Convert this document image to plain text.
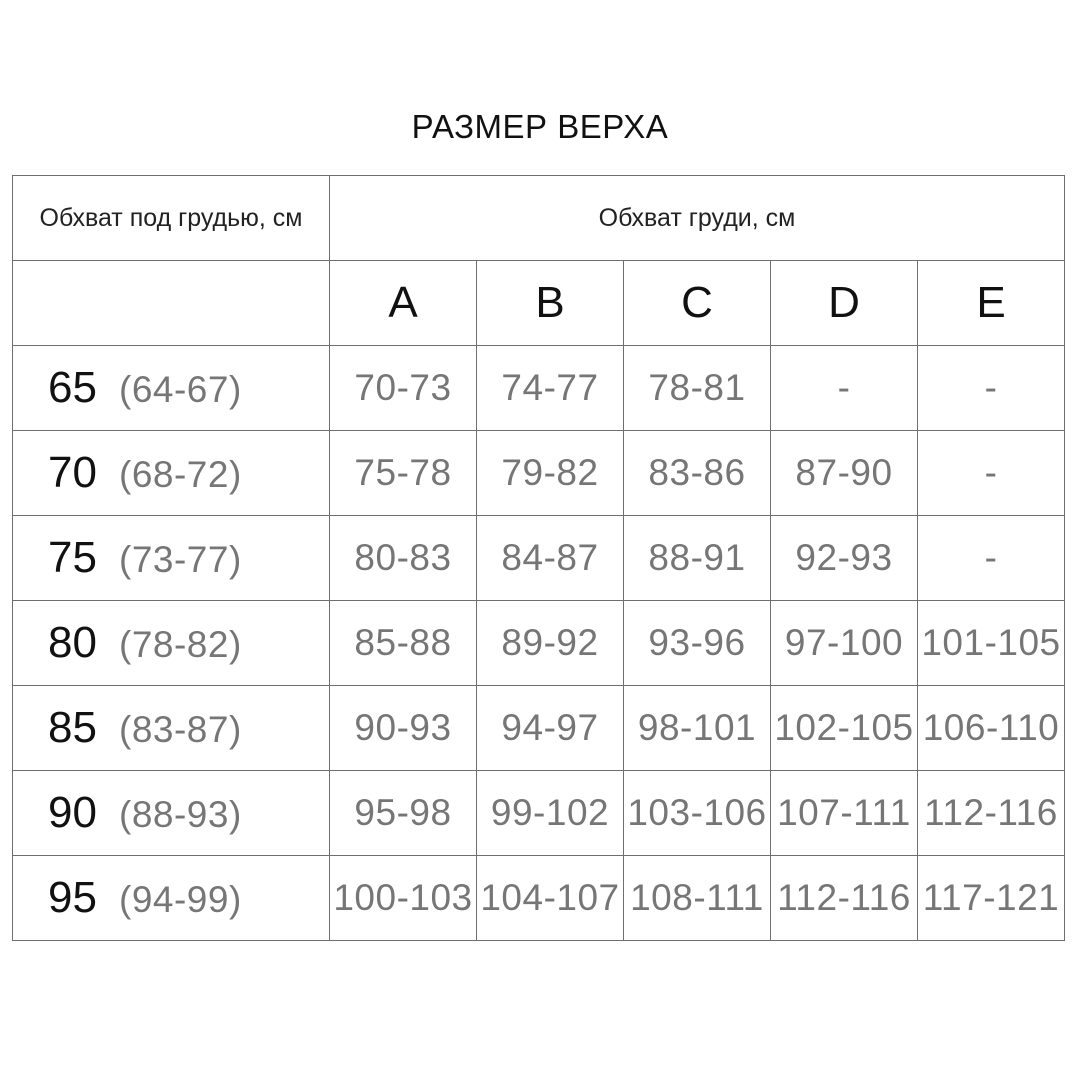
РАЗМЕР ВЕРХА
Обхват под грудью, см	Обхват груди, см				
	A	B	C	D	E
65 (64-67)	70-73	74-77	78-81	-	-
70 (68-72)	75-78	79-82	83-86	87-90	-
75 (73-77)	80-83	84-87	88-91	92-93	-
80 (78-82)	85-88	89-92	93-96	97-100	101-105
85 (83-87)	90-93	94-97	98-101	102-105	106-110
90 (88-93)	95-98	99-102	103-106	107-111	112-116
95 (94-99)	100-103	104-107	108-111	112-116	117-121
